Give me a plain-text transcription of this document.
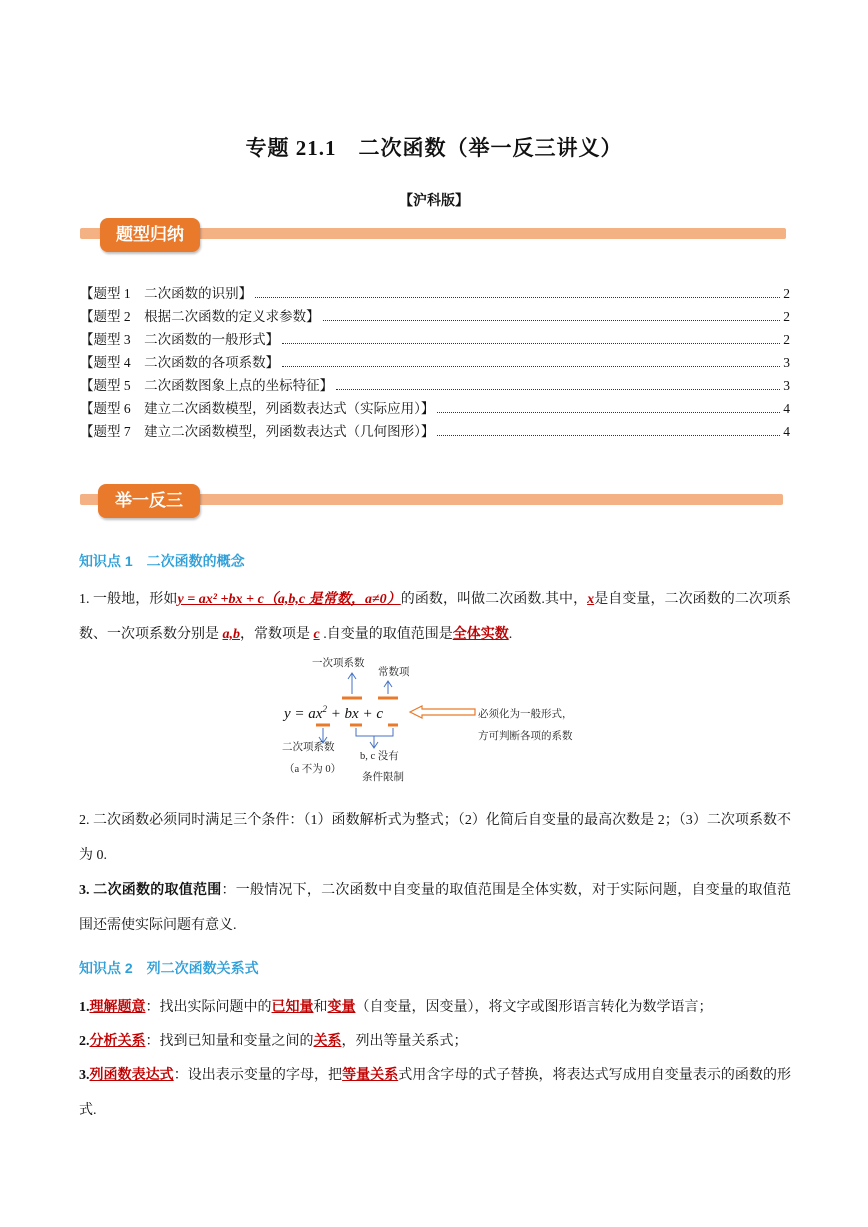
专题 21.1　二次函数（举一反三讲义）
【沪科版】
题型归纳
【题型 1　二次函数的识别】	2
【题型 2　根据二次函数的定义求参数】	2
【题型 3　二次函数的一般形式】	2
【题型 4　二次函数的各项系数】	3
【题型 5　二次函数图象上点的坐标特征】	3
【题型 6　建立二次函数模型，列函数表达式（实际应用）】	4
【题型 7　建立二次函数模型，列函数表达式（几何图形）】	4
举一反三
知识点 1　二次函数的概念
1. 一般地，形如y = ax² +bx + c（a,b,c 是常数，a≠0）的函数，叫做二次函数.其中，x是自变量，二次函数的二次项系数、一次项系数分别是 a,b，常数项是 c .自变量的取值范围是全体实数.
一次项系数
常数项
$y = ax^2$ + bx + c	必须化为一般形式，
方可判断各项的系数
二次项系数
（a 不为 0）
b, c 没有
条件限制
2. 二次函数必须同时满足三个条件：（1）函数解析式为整式；（2）化简后自变量的最高次数是 2；（3）二次项系数不为 0.
3. 二次函数的取值范围：一般情况下，二次函数中自变量的取值范围是全体实数，对于实际问题，自变量的取值范围还需使实际问题有意义.
知识点 2　列二次函数关系式
1.理解题意：找出实际问题中的已知量和变量（自变量，因变量），将文字或图形语言转化为数学语言；
2.分析关系：找到已知量和变量之间的关系，列出等量关系式；
3.列函数表达式：设出表示变量的字母，把等量关系式用含字母的式子替换，将表达式写成用自变量表示的函数的形式.
